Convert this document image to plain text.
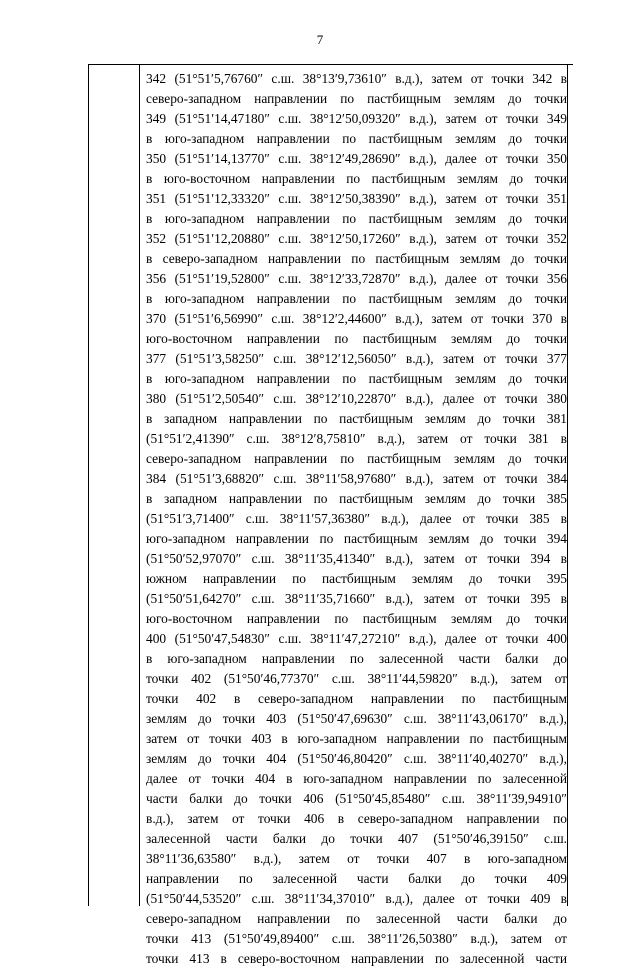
7
342 (51°51′5,76760″ с.ш. 38°13′9,73610″ в.д.), затем от точки 342 в
северо-западном направлении по пастбищным землям до точки
349 (51°51′14,47180″ с.ш. 38°12′50,09320″ в.д.), затем от точки 349
в юго-западном направлении по пастбищным землям до точки
350 (51°51′14,13770″ с.ш. 38°12′49,28690″ в.д.), далее от точки 350
в юго-восточном направлении по пастбищным землям до точки
351 (51°51′12,33320″ с.ш. 38°12′50,38390″ в.д.), затем от точки 351
в юго-западном направлении по пастбищным землям до точки
352 (51°51′12,20880″ с.ш. 38°12′50,17260″ в.д.), затем от точки 352
в северо-западном направлении по пастбищным землям до точки
356 (51°51′19,52800″ с.ш. 38°12′33,72870″ в.д.), далее от точки 356
в юго-западном направлении по пастбищным землям до точки
370 (51°51′6,56990″ с.ш. 38°12′2,44600″ в.д.), затем от точки 370 в
юго-восточном направлении по пастбищным землям до точки
377 (51°51′3,58250″ с.ш. 38°12′12,56050″ в.д.), затем от точки 377
в юго-западном направлении по пастбищным землям до точки
380 (51°51′2,50540″ с.ш. 38°12′10,22870″ в.д.), далее от точки 380
в западном направлении по пастбищным землям до точки 381
(51°51′2,41390″ с.ш. 38°12′8,75810″ в.д.), затем от точки 381 в
северо-западном направлении по пастбищным землям до точки
384 (51°51′3,68820″ с.ш. 38°11′58,97680″ в.д.), затем от точки 384
в западном направлении по пастбищным землям до точки 385
(51°51′3,71400″ с.ш. 38°11′57,36380″ в.д.), далее от точки 385 в
юго-западном направлении по пастбищным землям до точки 394
(51°50′52,97070″ с.ш. 38°11′35,41340″ в.д.), затем от точки 394 в
южном направлении по пастбищным землям до точки 395
(51°50′51,64270″ с.ш. 38°11′35,71660″ в.д.), затем от точки 395 в
юго-восточном направлении по пастбищным землям до точки
400 (51°50′47,54830″ с.ш. 38°11′47,27210″ в.д.), далее от точки 400
в юго-западном направлении по залесенной части балки до
точки 402 (51°50′46,77370″ с.ш. 38°11′44,59820″ в.д.), затем от
точки 402 в северо-западном направлении по пастбищным
землям до точки 403 (51°50′47,69630″ с.ш. 38°11′43,06170″ в.д.),
затем от точки 403 в юго-западном направлении по пастбищным
землям до точки 404 (51°50′46,80420″ с.ш. 38°11′40,40270″ в.д.),
далее от точки 404 в юго-западном направлении по залесенной
части балки до точки 406 (51°50′45,85480″ с.ш. 38°11′39,94910″
в.д.), затем от точки 406 в северо-западном направлении по
залесенной части балки до точки 407 (51°50′46,39150″ с.ш.
38°11′36,63580″ в.д.), затем от точки 407 в юго-западном
направлении по залесенной части балки до точки 409
(51°50′44,53520″ с.ш. 38°11′34,37010″ в.д.), далее от точки 409 в
северо-западном направлении по залесенной части балки до
точки 413 (51°50′49,89400″ с.ш. 38°11′26,50380″ в.д.), затем от
точки 413 в северо-восточном направлении по залесенной части
